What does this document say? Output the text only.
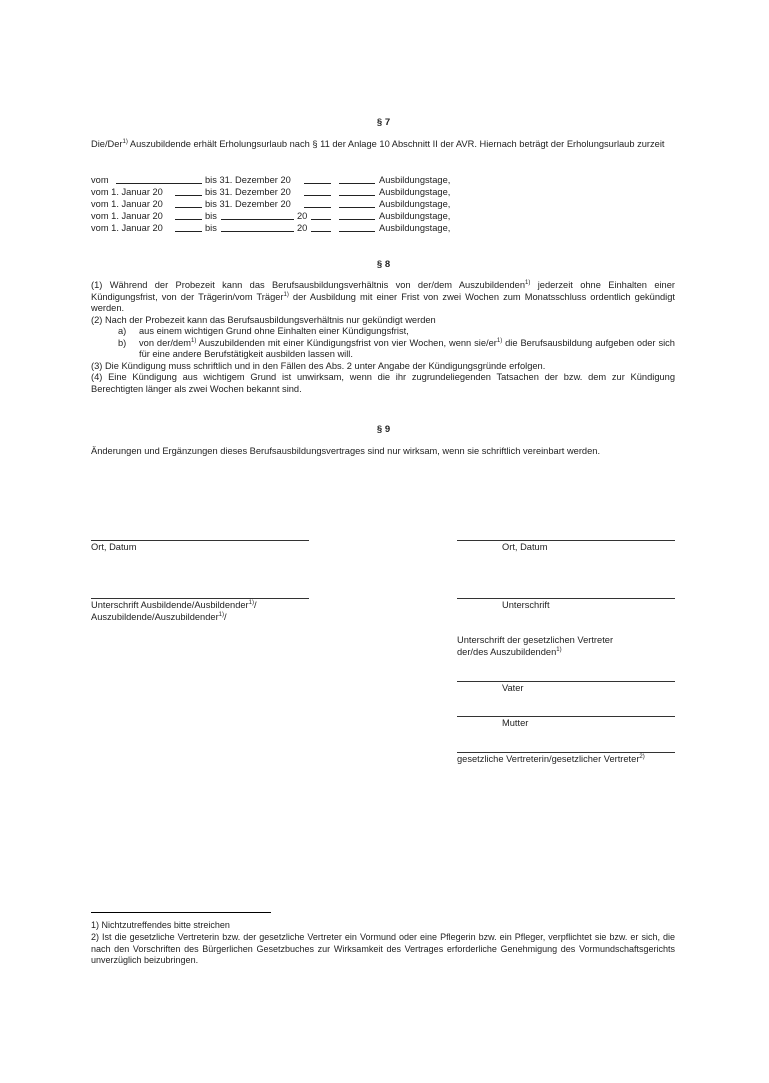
§ 7

Die/Der$^{1)}$ Auszubildende erhält Erholungsurlaub nach § 11 der Anlage 10 Abschnitt II der AVR. Hiernach beträgt der Erholungsurlaub zurzeit

vom	bis 31. Dezember 20	Ausbildungstage,
vom 1. Januar 20	bis 31. Dezember 20	Ausbildungstage,
vom 1. Januar 20	bis 31. Dezember 20	Ausbildungstage,
vom 1. Januar 20	bis	20	Ausbildungstage,
vom 1. Januar 20	bis	20	Ausbildungstage,
§ 8

(1) Während der Probezeit kann das Berufsausbildungsverhältnis von der/dem Auszubildenden$^{1)}$ jederzeit ohne Einhalten einer Kündigungsfrist, von der Trägerin/vom Träger$^{1)}$ der Ausbildung mit einer Frist von zwei Wochen zum Monatsschluss ordentlich gekündigt werden.

(2) Nach der Probezeit kann das Berufsausbildungsverhältnis nur gekündigt werden

a) aus einem wichtigen Grund ohne Einhalten einer Kündigungsfrist,
b) von der/dem$^{1)}$ Auszubildenden mit einer Kündigungsfrist von vier Wochen, wenn sie/$er^{1)}$ die Berufsausbildung aufgeben oder sich für eine andere Berufstätigkeit ausbilden lassen will.

(3) Die Kündigung muss schriftlich und in den Fällen des Abs. 2 unter Angabe der Kündigungsgründe erfolgen.

(4) Eine Kündigung aus wichtigem Grund ist unwirksam, wenn die ihr zugrundeliegenden Tatsachen der bzw. dem zur Kündigung Berechtigten länger als zwei Wochen bekannt sind.

§ 9

Änderungen und Ergänzungen dieses Berufsausbildungsvertrages sind nur wirksam, wenn sie schriftlich vereinbart werden.

Ort, Datum	Ort, Datum
Unterschrift Ausbildende/Ausbildender$^{1)}$/
Auszubildende/Auszubildender$^{1)}$/
Unterschrift
Unterschrift der gesetzlichen Vertreter
der/des Auszubildenden$^{1)}$
Vater
Mutter
gesetzliche Vertreterin/gesetzlicher Vertreter$^{2)}$
1) Nichtzutreffendes bitte streichen
2) Ist die gesetzliche Vertreterin bzw. der gesetzliche Vertreter ein Vormund oder eine Pflegerin bzw. ein Pfleger, verpflichtet sie bzw. er sich, die nach den Vorschriften des Bürgerlichen Gesetzbuches zur Wirksamkeit des Vertrages erforderliche Genehmigung des Vormundschaftsgerichts unverzüglich beizubringen.
